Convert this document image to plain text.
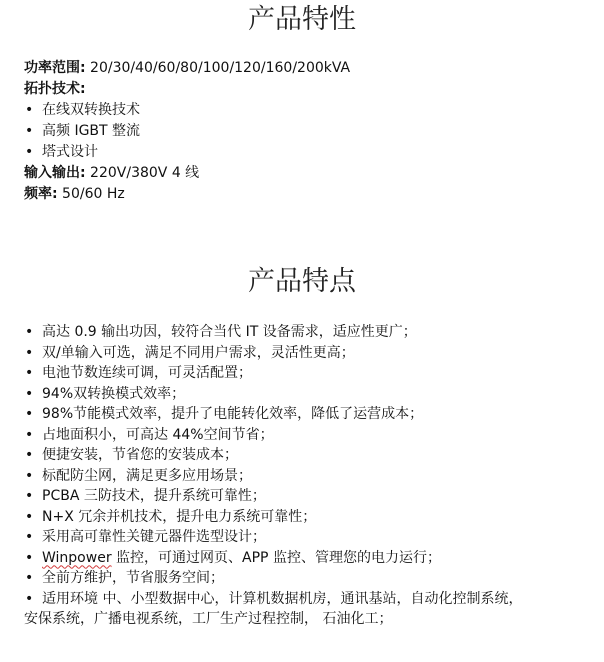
产品特性
功率范围: 20/30/40/60/80/100/120/160/200kVA
拓扑技术:
• 在线双转换技术
• 高频 IGBT 整流
• 塔式设计
输入输出: 220V/380V 4 线
频率: 50/60 Hz
产品特点
• 高达 0.9 输出功因，较符合当代 IT 设备需求，适应性更广；
• 双/单输入可选，满足不同用户需求，灵活性更高；
• 电池节数连续可调，可灵活配置；
• 94%双转换模式效率；
• 98%节能模式效率，提升了电能转化效率，降低了运营成本；
• 占地面积小，可高达 44%空间节省；
• 便捷安装，节省您的安装成本；
• 标配防尘网，满足更多应用场景；
• PCBA 三防技术，提升系统可靠性；
• N+X 冗余并机技术，提升电力系统可靠性；
• 采用高可靠性关键元器件选型设计；
• Winpower 监控，可通过网页、APP 监控、管理您的电力运行；
• 全前方维护，节省服务空间；
• 适用环境 中、小型数据中心，计算机数据机房，通讯基站，自动化控制系统，
安保系统，广播电视系统，工厂生产过程控制， 石油化工；
